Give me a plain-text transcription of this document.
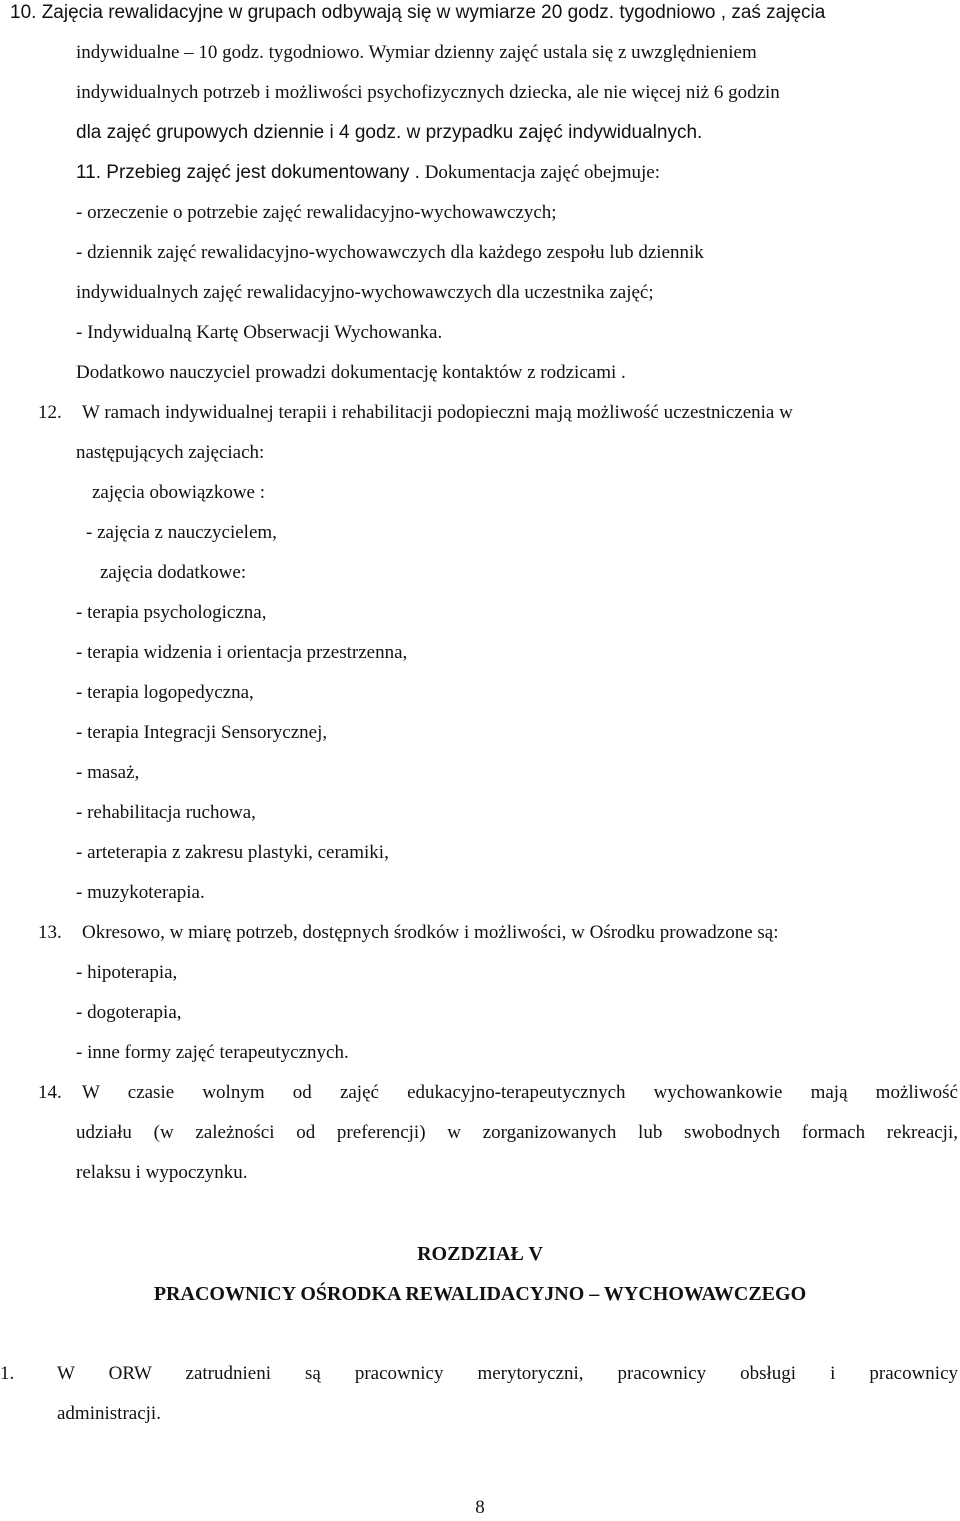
10. Zajęcia rewalidacyjne w grupach odbywają się w wymiarze 20 godz. tygodniowo , zaś zajęcia
indywidualne – 10 godz. tygodniowo. Wymiar dzienny zajęć ustala się z uwzględnieniem
indywidualnych potrzeb i możliwości psychofizycznych dziecka, ale nie więcej niż 6 godzin
dla zajęć grupowych dziennie i 4 godz. w przypadku zajęć indywidualnych.
11. Przebieg zajęć jest dokumentowany . Dokumentacja zajęć obejmuje:
- orzeczenie o potrzebie zajęć rewalidacyjno-wychowawczych;
- dziennik zajęć rewalidacyjno-wychowawczych dla każdego zespołu lub dziennik
indywidualnych zajęć rewalidacyjno-wychowawczych dla uczestnika zajęć;
- Indywidualną Kartę Obserwacji Wychowanka.
Dodatkowo nauczyciel prowadzi dokumentację kontaktów z rodzicami .
12. W ramach indywidualnej terapii i rehabilitacji podopieczni mają możliwość uczestniczenia w
następujących zajęciach:
zajęcia obowiązkowe :
- zajęcia z nauczycielem,
zajęcia dodatkowe:
- terapia psychologiczna,
- terapia widzenia i orientacja przestrzenna,
- terapia logopedyczna,
- terapia Integracji Sensorycznej,
- masaż,
- rehabilitacja ruchowa,
- arteterapia z zakresu plastyki, ceramiki,
- muzykoterapia.
13. Okresowo, w miarę potrzeb, dostępnych środków i możliwości, w Ośrodku prowadzone są:
- hipoterapia,
- dogoterapia,
- inne formy zajęć terapeutycznych.
14. W czasie wolnym od zajęć edukacyjno-terapeutycznych wychowankowie mają możliwość
udziału (w zależności od preferencji) w zorganizowanych lub swobodnych formach rekreacji,
relaksu i wypoczynku.
ROZDZIAŁ V
PRACOWNICY OŚRODKA REWALIDACYJNO – WYCHOWAWCZEGO
1. W ORW zatrudnieni są pracownicy merytoryczni, pracownicy obsługi i pracownicy
administracji.
8
